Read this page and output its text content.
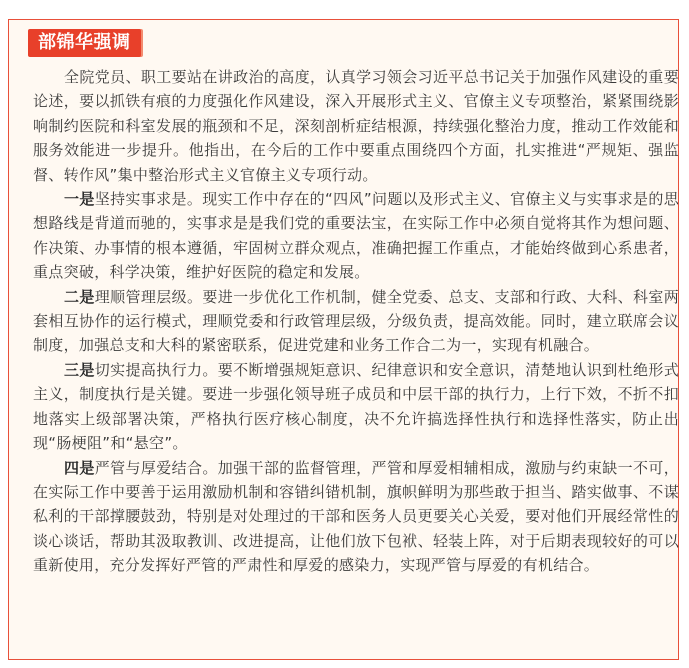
部锦华强调

全院党员、职工要站在讲政治的高度，认真学习领会习近平总书记关于加强作风建设的重要论述，要以抓铁有痕的力度强化作风建设，深入开展形式主义、官僚主义专项整治，紧紧围绕影响制约医院和科室发展的瓶颈和不足，深刻剖析症结根源，持续强化整治力度，推动工作效能和服务效能进一步提升。他指出，在今后的工作中要重点围绕四个方面，扎实推进“严规矩、强监督、转作风”集中整治形式主义官僚主义专项行动。

一是坚持实事求是。现实工作中存在的“四风”问题以及形式主义、官僚主义与实事求是的思想路线是背道而驰的，实事求是是我们党的重要法宝，在实际工作中必须自觉将其作为想问题、作决策、办事情的根本遵循，牢固树立群众观点，准确把握工作重点，才能始终做到心系患者，重点突破，科学决策，维护好医院的稳定和发展。

二是理顺管理层级。要进一步优化工作机制，健全党委、总支、支部和行政、大科、科室两套相互协作的运行模式，理顺党委和行政管理层级，分级负责，提高效能。同时，建立联席会议制度，加强总支和大科的紧密联系，促进党建和业务工作合二为一，实现有机融合。

三是切实提高执行力。要不断增强规矩意识、纪律意识和安全意识，清楚地认识到杜绝形式主义，制度执行是关键。要进一步强化领导班子成员和中层干部的执行力，上行下效，不折不扣地落实上级部署决策，严格执行医疗核心制度，决不允许搞选择性执行和选择性落实，防止出现“肠梗阻”和“悬空”。

四是严管与厚爱结合。加强干部的监督管理，严管和厚爱相辅相成，激励与约束缺一不可，在实际工作中要善于运用激励机制和容错纠错机制，旗帜鲜明为那些敢于担当、踏实做事、不谋私利的干部撑腰鼓劲，特别是对处理过的干部和医务人员更要关心关爱，要对他们开展经常性的谈心谈话，帮助其汲取教训、改进提高，让他们放下包袱、轻装上阵，对于后期表现较好的可以重新使用，充分发挥好严管的严肃性和厚爱的感染力，实现严管与厚爱的有机结合。
